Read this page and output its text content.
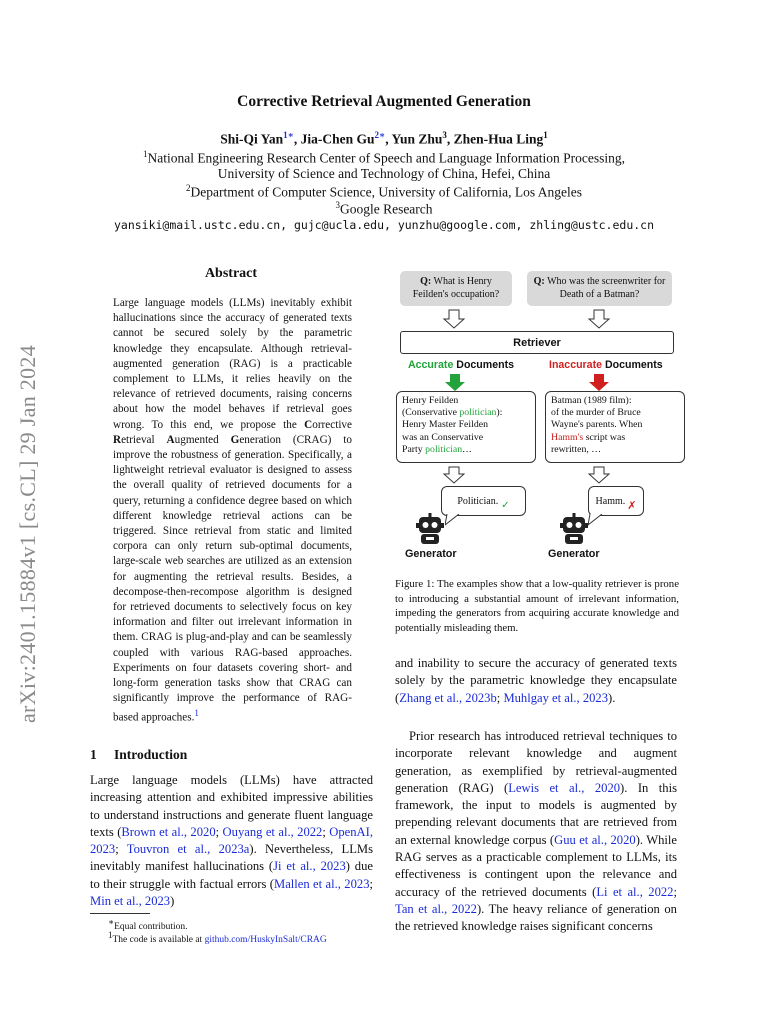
Corrective Retrieval Augmented Generation
Shi-Qi Yan$^{1∗}$, Jia-Chen $Gu^{2∗}$, Yun Zhu$^3$, Zhen-Hua Ling$^1$
$^1$National Engineering Research Center of Speech and Language Information Processing,
University of Science and Technology of China, Hefei, China
$^2$Department of Computer Science, University of California, Los Angeles
$^3$Google Research
yansiki@mail.ustc.edu.cn, gujc@ucla.edu, yunzhu@google.com, zhling@ustc.edu.cn
arXiv:2401.15884v1 [cs.CL] 29 Jan 2024
Abstract

Large language models (LLMs) inevitably exhibit hallucinations since the accuracy of generated texts cannot be secured solely by the parametric knowledge they encapsulate. Although retrieval-augmented generation (RAG) is a practicable complement to LLMs, it relies heavily on the relevance of retrieved documents, raising concerns about how the model behaves if retrieval goes wrong. To this end, we propose the Corrective Retrieval Augmented Generation (CRAG) to improve the robustness of generation. Specifically, a lightweight retrieval evaluator is designed to assess the overall quality of retrieved documents for a query, returning a confidence degree based on which different knowledge retrieval actions can be triggered. Since retrieval from static and limited corpora can only return sub-optimal documents, large-scale web searches are utilized as an extension for augmenting the retrieval results. Besides, a decompose-then-recompose algorithm is designed for retrieved documents to selectively focus on key information and filter out irrelevant information in them. CRAG is plug-and-play and can be seamlessly coupled with various RAG-based approaches. Experiments on four datasets covering short- and long-form generation tasks show that CRAG can significantly improve the performance of RAG-based approaches.$^1$

1 Introduction

Large language models (LLMs) have attracted increasing attention and exhibited impressive abilities to understand instructions and generate fluent language texts (Brown et al., 2020; Ouyang et al., 2022; OpenAI, 2023; Touvron et al., 2023a). Nevertheless, LLMs inevitably manifest hallucinations (Ji et al., 2023) due to their struggle with factual errors (Mallen et al., 2023; Min et al., 2023)

and inability to secure the accuracy of generated texts solely by the parametric knowledge they encapsulate (Zhang et al., 2023b; Muhlgay et al., 2023).

Prior research has introduced retrieval techniques to incorporate relevant knowledge and augment generation, as exemplified by retrieval-augmented generation (RAG) (Lewis et al., 2020). In this framework, the input to models is augmented by prepending relevant documents that are retrieved from an external knowledge corpus (Guu et al., 2020). While RAG serves as a practicable complement to LLMs, its effectiveness is contingent upon the relevance and accuracy of the retrieved documents (Li et al., 2022; Tan et al., 2022). The heavy reliance of generation on the retrieved knowledge raises significant concerns

∗Equal contribution.
$^1$The code is available at github.com/HuskyInSalt/CRAG
Q: What is Henry Feilden's occupation?
Q: Who was the screenwriter for Death of a Batman?
Retriever
Accurate Documents	Inaccurate Documents
Henry Feilden
(Conservative politician):
Henry Master Feilden
was an Conservative
Party politician…
Batman (1989 film):
of the murder of Bruce
Wayne's parents. When
Hamm's script was
rewritten, …
Politician. ✓	Hamm. ✗
Generator	Generator

Figure 1: The examples show that a low-quality retriever is prone to introducing a substantial amount of irrelevant information, impeding the generators from acquiring accurate knowledge and potentially misleading them.
